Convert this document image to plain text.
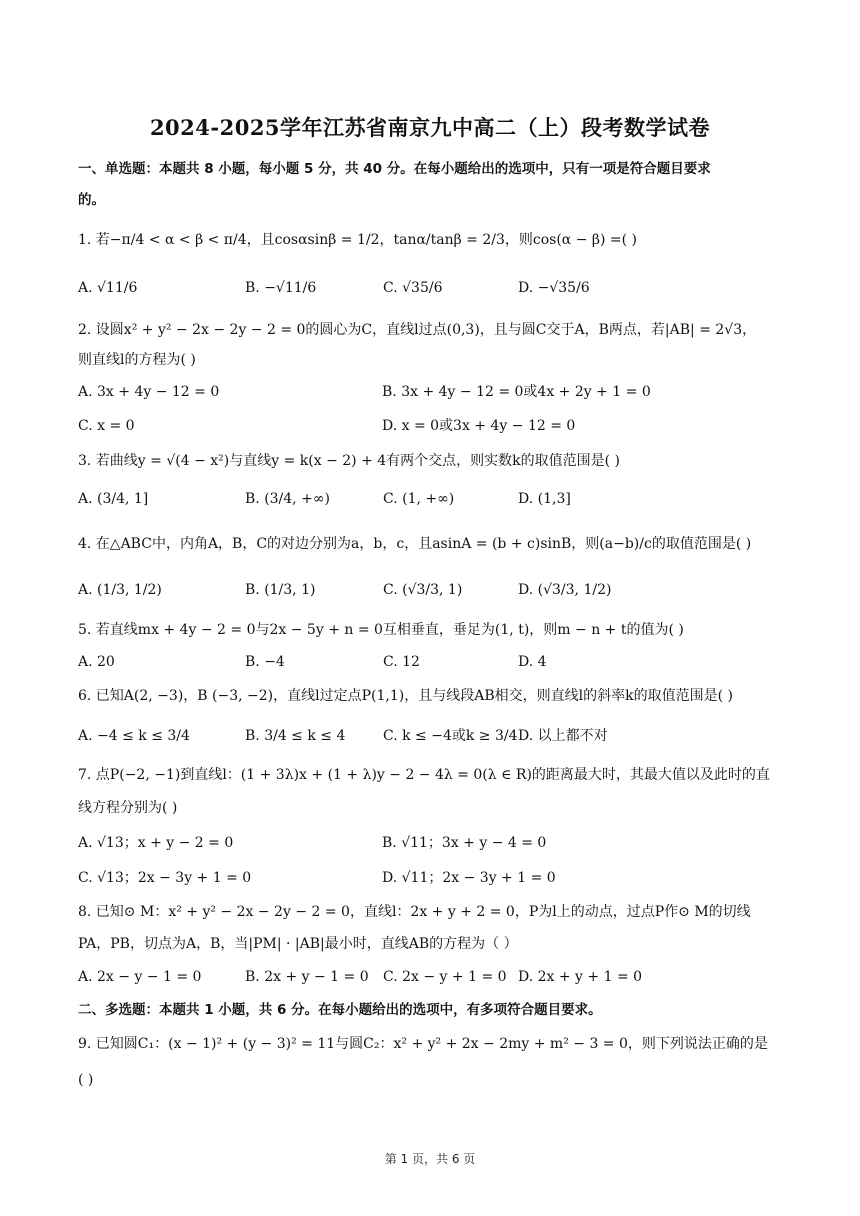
2024-2025学年江苏省南京九中高二（上）段考数学试卷
一、单选题：本题共 8 小题，每小题 5 分，共 40 分。在每小题给出的选项中，只有一项是符合题目要求
的。
1. 若−π/4 < α < β < π/4，且cosαsinβ = 1/2，tanα/tanβ = 2/3，则cos(α − β) =( )
A. √11/6	B. −√11/6	C. √35/6	D. −√35/6
2. 设圆x² + y² − 2x − 2y − 2 = 0的圆心为C，直线l过点(0,3)，且与圆C交于A，B两点，若|AB| = 2√3，
则直线l的方程为( )
A. 3x + 4y − 12 = 0	B. 3x + 4y − 12 = 0或4x + 2y + 1 = 0
C. x = 0	D. x = 0或3x + 4y − 12 = 0
3. 若曲线y = √(4 − x²)与直线y = k(x − 2) + 4有两个交点，则实数k的取值范围是( )
A. (3/4, 1]	B. (3/4, +∞)	C. (1, +∞)	D. (1,3]
4. 在△ABC中，内角A，B，C的对边分别为a，b，c，且asinA = (b + c)sinB，则(a−b)/c的取值范围是( )
A. (1/3, 1/2)	B. (1/3, 1)	C. (√3/3, 1)	D. (√3/3, 1/2)
5. 若直线mx + 4y − 2 = 0与2x − 5y + n = 0互相垂直，垂足为(1, t)，则m − n + t的值为( )
A. 20	B. −4	C. 12	D. 4
6. 已知A(2, −3)，B (−3, −2)，直线l过定点P(1,1)，且与线段AB相交，则直线l的斜率k的取值范围是( )
A. −4 ≤ k ≤ 3/4	B. 3/4 ≤ k ≤ 4	C. k ≤ −4或k ≥ 3/4 D. 以上都不对
7. 点P(−2, −1)到直线l：(1 + 3λ)x + (1 + λ)y − 2 − 4λ = 0(λ ∈ R)的距离最大时，其最大值以及此时的直
线方程分别为( )
A. √13；x + y − 2 = 0	B. √11；3x + y − 4 = 0
C. √13；2x − 3y + 1 = 0	D. √11；2x − 3y + 1 = 0
8. 已知⊙ M：x² + y² − 2x − 2y − 2 = 0，直线l：2x + y + 2 = 0，P为l上的动点，过点P作⊙ M的切线
PA，PB，切点为A，B，当|PM| · |AB|最小时，直线AB的方程为（ ）
A. 2x − y − 1 = 0	B. 2x + y − 1 = 0 C. 2x − y + 1 = 0 D. 2x + y + 1 = 0
二、多选题：本题共 1 小题，共 6 分。在每小题给出的选项中，有多项符合题目要求。
9. 已知圆C₁：(x − 1)² + (y − 3)² = 11与圆C₂：x² + y² + 2x − 2my + m² − 3 = 0，则下列说法正确的是
( )
第 1 页，共 6 页
